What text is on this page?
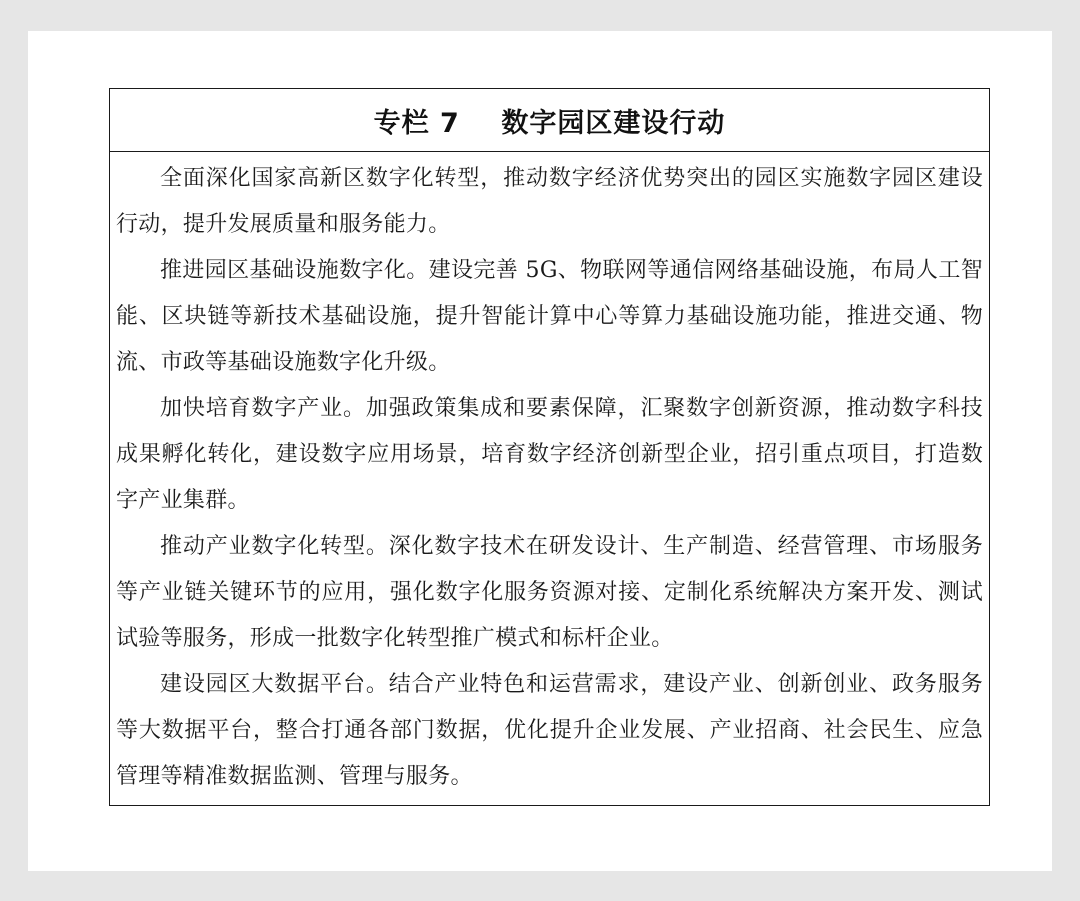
专栏 7    数字园区建设行动

全面深化国家高新区数字化转型，推动数字经济优势突出的园区实施数字园区建设行动，提升发展质量和服务能力。

推进园区基础设施数字化。建设完善 5G、物联网等通信网络基础设施，布局人工智能、区块链等新技术基础设施，提升智能计算中心等算力基础设施功能，推进交通、物流、市政等基础设施数字化升级。

加快培育数字产业。加强政策集成和要素保障，汇聚数字创新资源，推动数字科技成果孵化转化，建设数字应用场景，培育数字经济创新型企业，招引重点项目，打造数字产业集群。

推动产业数字化转型。深化数字技术在研发设计、生产制造、经营管理、市场服务等产业链关键环节的应用，强化数字化服务资源对接、定制化系统解决方案开发、测试试验等服务，形成一批数字化转型推广模式和标杆企业。

建设园区大数据平台。结合产业特色和运营需求，建设产业、创新创业、政务服务等大数据平台，整合打通各部门数据，优化提升企业发展、产业招商、社会民生、应急管理等精准数据监测、管理与服务。
